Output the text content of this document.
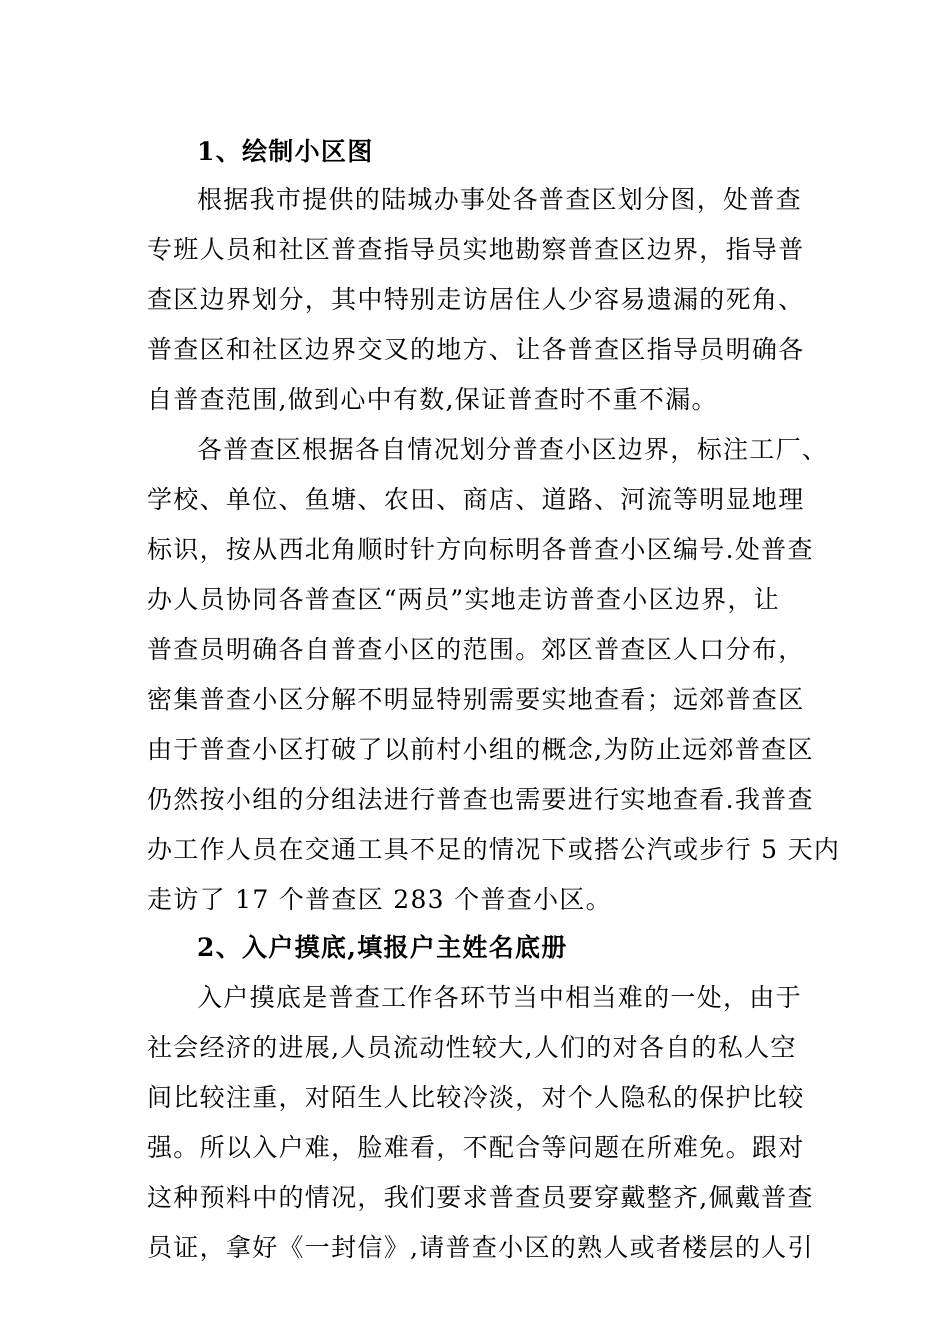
1、绘制小区图
根据我市提供的陆城办事处各普查区划分图，处普查
专班人员和社区普查指导员实地勘察普查区边界，指导普
查区边界划分，其中特别走访居住人少容易遗漏的死角、
普查区和社区边界交叉的地方、让各普查区指导员明确各
自普查范围,做到心中有数,保证普查时不重不漏。
各普查区根据各自情况划分普查小区边界，标注工厂、
学校、单位、鱼塘、农田、商店、道路、河流等明显地理
标识，按从西北角顺时针方向标明各普查小区编号.处普查
办人员协同各普查区“两员”实地走访普查小区边界，让
普查员明确各自普查小区的范围。郊区普查区人口分布，
密集普查小区分解不明显特别需要实地查看；远郊普查区
由于普查小区打破了以前村小组的概念,为防止远郊普查区
仍然按小组的分组法进行普查也需要进行实地查看.我普查
办工作人员在交通工具不足的情况下或搭公汽或步行 5 天内
走访了 17 个普查区 283 个普查小区。
2、入户摸底,填报户主姓名底册
入户摸底是普查工作各环节当中相当难的一处，由于
社会经济的进展,人员流动性较大,人们的对各自的私人空
间比较注重，对陌生人比较冷淡，对个人隐私的保护比较
强。所以入户难，脸难看，不配合等问题在所难免。跟对
这种预料中的情况，我们要求普查员要穿戴整齐,佩戴普查
员证，拿好《一封信》,请普查小区的熟人或者楼层的人引
